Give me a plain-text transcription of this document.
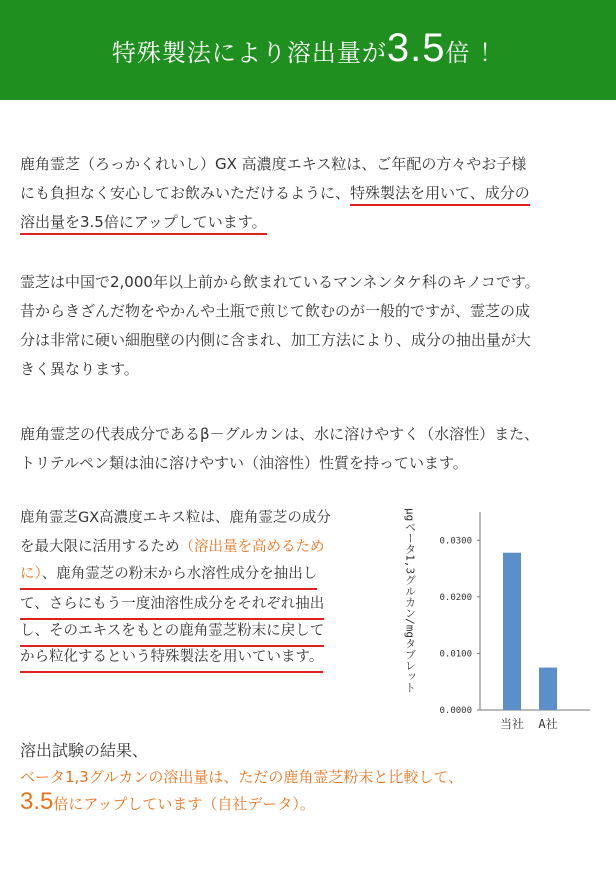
特殊製法により溶出量が3.5倍 ！
鹿角霊芝（ろっかくれいし）GX 高濃度エキス粒は、ご年配の方々やお子様
にも負担なく安心してお飲みいただけるように、特殊製法を用いて、成分の
溶出量を3.5倍にアップしています。
霊芝は中国で2,000年以上前から飲まれているマンネンタケ科のキノコです。
昔からきざんだ物をやかんや土瓶で煎じて飲むのが一般的ですが、霊芝の成
分は非常に硬い細胞壁の内側に含まれ、加工方法により、成分の抽出量が大
きく異なります。
鹿角霊芝の代表成分であるβ－グルカンは、水に溶けやすく（水溶性）また、
トリテルペン類は油に溶けやすい（油溶性）性質を持っています。
鹿角霊芝GX高濃度エキス粒は、鹿角霊芝の成分
を最大限に活用するため（溶出量を高めるため
に）、鹿角霊芝の粉末から水溶性成分を抽出し
て、さらにもう一度油溶性成分をそれぞれ抽出
し、そのエキスをもとの鹿角霊芝粉末に戻して
から粒化するという特殊製法を用いています。	μgベータ1,3グルカン/mgタブレット
0.0000
0.0100
0.0200
0.0300
当社 A社
溶出試験の結果、
ベータ1,3グルカンの溶出量は、ただの鹿角霊芝粉末と比較して、
3.5倍にアップしています（自社データ）。
